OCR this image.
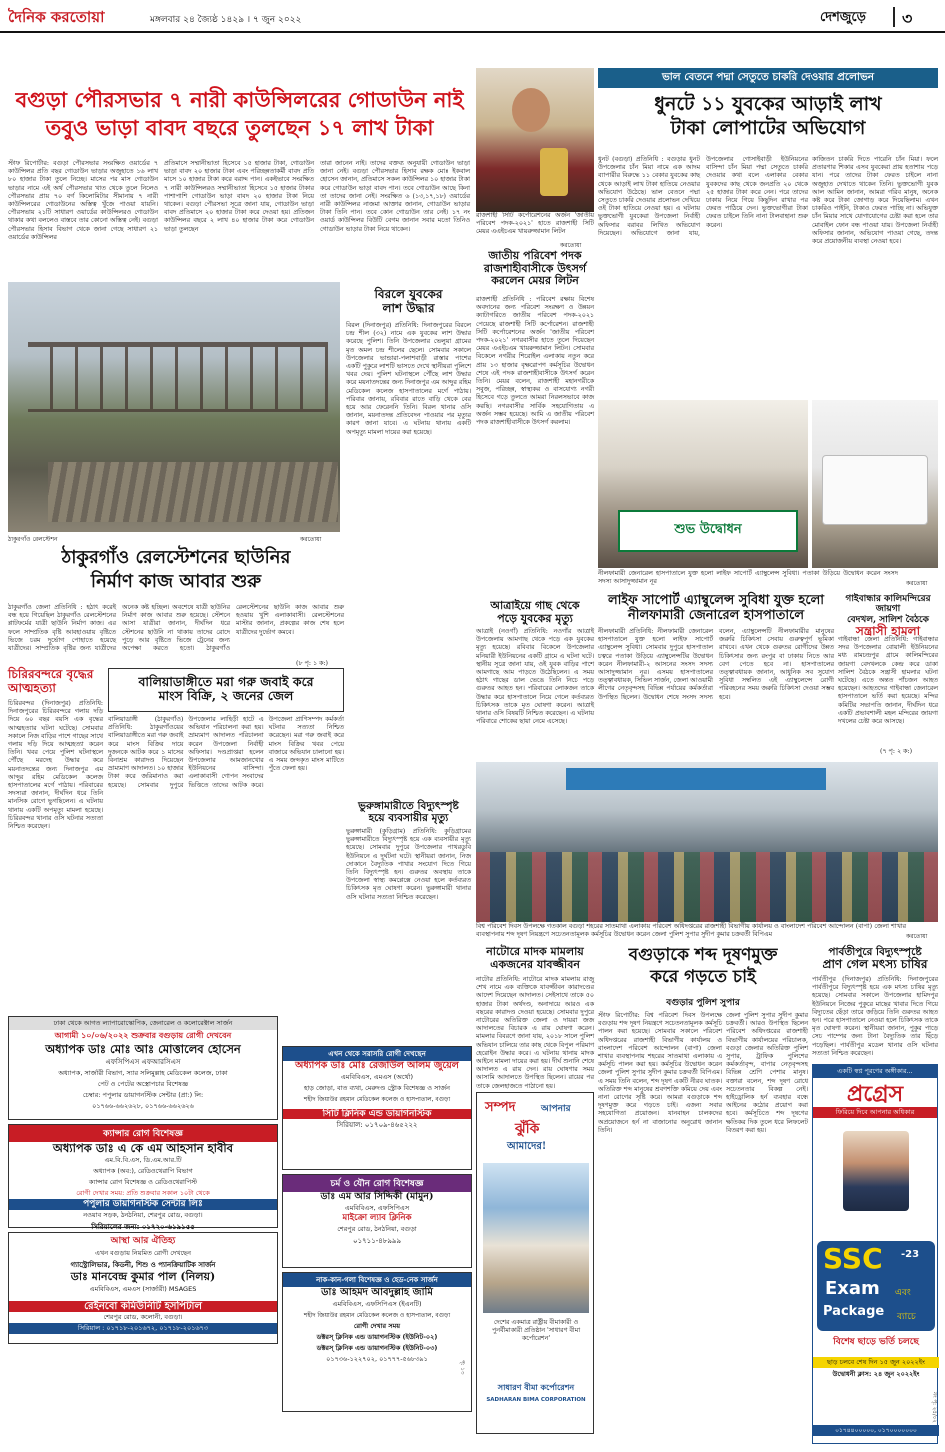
দৈনিক করতোয়া	মঙ্গলবার ২৪ জ্যৈষ্ঠ ১৪২৯ । ৭ জুন ২০২২	দেশজুড়ে ৩
বগুড়া পৌরসভার ৭ নারী কাউন্সিলরের গোডাউন নাই
তবুও ভাড়া বাবদ বছরে তুলছেন ১৭ লাখ টাকা
স্টাফ রিপোর্টার: বগুড়া পৌরসভার সংরক্ষিত ওয়ার্ডের ৭ কাউন্সিলর প্রতি বছর গোডাউন ভাড়ার অজুহাতে ১৬ লাখ ৮০ হাজার টাকা তুলে নিচ্ছে। মাসের পর মাস গোডাউন ভাড়ার নামে এই অর্থ পৌরসভার খাত থেকে তুলে নিলেও পৌরসভার প্রায় ৭০ বর্গ কিলোমিটার সীমানায় ৭ নারী কাউন্সিলরের গোডাউনের অস্তিত্ব খুঁজে পাওয়া যায়নি। পৌরসভায় ২১টি সাধারণ ওয়ার্ডের কাউন্সিলরও গোডাউন থাকার কথা বললেও বাস্তবে তার কোনো অস্তিত্ব নেই। বগুড়া পৌরসভার হিসাব বিভাগ থেকে জানা গেছে সাধারণ ২১ ওয়ার্ডের কাউন্সিলর
প্রতিমাসে সম্মানীভাতা হিসেবে ১৫ হাজার টাকা, গোডাউন ভাড়া বাবদ ২০ হাজার টাকা এবং পরিচ্ছন্নতাকর্মী বাবদ প্রতি মাসে ১০ হাজার টাকা করে বরাদ্দ পান। একইভাবে সংরক্ষিত ৭ নারী কাউন্সিলরও সম্মানীভাতা হিসেবে ১৫ হাজার টাকার পাশাপাশি গোডাউন ভাড়া বাবদ ২০ হাজার টাকা নিয়ে থাকেন। বগুড়া পৌরসভা সূত্রে জানা যায়, গোডাউন ভাড়া বাবদ প্রতিমাসে ২০ হাজার টাকা করে দেওয়া হয়। প্রতিজন কাউন্সিলর বছরে ২ লাখ ৪০ হাজার টাকা করে গোডাউন ভাড়া তুলছেন
তারা জানেন নাই। তাদের বক্তব্য অনুযায়ী গোডাউন ভাড়া জানা নেই। বগুড়া পৌরসভার হিসাব রক্ষক মোঃ ইকবাল হোসেন জানান, প্রতিমাসে সকল কাউন্সিলর ১০ হাজার টাকা করে গোডাউন ভাড়া বাবদ পান। তবে গোডাউন আছে কিনা তা তাদের জানা নেই। সংরক্ষিত ৬ (১৩,১৭,১৮) ওয়ার্ডের নারী কাউন্সিলর নাজমা আক্তার জানান, গোডাউন ভাড়ার টাকা তিনি পান। তবে কোন গোডাউন তার নেই। ১৭ নং ওয়ার্ড কাউন্সিলর বিউটি বেগম জানান সবার মতো তিনিও গোডাউন ভাড়ার টাকা নিয়ে থাকেন।
ঠাকুরগাঁও রেলস্টেশন	করতোয়া
বিরলে যুবকের
লাশ উদ্ধার
বিরল (দিনাজপুর) প্রতিনিধি: দিনাজপুরের বিরলে চন্দ্র শীল (৩২) নামে এক যুবকের লাশ উদ্ধার করেছে পুলিশ। তিনি উপজেলার ভেলুয়া গ্রামের মৃত অমল চন্দ্র শীলের ছেলে। সোমবার সকালে উপজেলার ভান্ডারা-পলাশবাড়ী রাস্তার পাশের একটি পুকুরে লাশটি ভাসতে দেখে স্থানীয়রা পুলিশে খবর দেয়। পুলিশ ঘটনাস্থলে পৌঁছে লাশ উদ্ধার করে ময়নাতদন্তের জন্য দিনাজপুর এম আব্দুর রহিম মেডিকেল কলেজ হাসপাতালের মর্গে পাঠায়। পরিবার জানায়, রবিবার রাতে বাড়ি থেকে বের হয়ে আর ফেরেননি তিনি। বিরল থানার ওসি জানান, ময়নাতদন্ত প্রতিবেদন পাওয়ার পর মৃত্যুর কারণ জানা যাবে। এ ঘটনায় থানায় একটি অপমৃত্যু মামলা দায়ের করা হয়েছে।
ঠাকুরগাঁও রেলস্টেশনের ছাউনির
নির্মাণ কাজ আবার শুরু
ঠাকুরগাঁও জেলা প্রতিনিধি : হঠাৎ করেই বন্ধ হয়ে গিয়েছিল ঠাকুরগাঁও রেলস্টেশনের প্লাটফর্মের যাত্রী ছাউনি নির্মাণ কাজ। এর ফলে সাম্প্রতিক বৃষ্টি আবহাওয়ায় বৃষ্টিতে ভিজে চরম দুর্ভোগ পোহাতে হয়েছে যাত্রীদের। সাম্প্রতিক বৃষ্টির জন্য যাত্রীদের অনেক কষ্ট হচ্ছিল। অবশেষে যাত্রী ছাউনির নির্মাণ কাজ আবার শুরু হয়েছে। স্টেশনে আসা যাত্রীরা জানান, দীর্ঘদিন ধরে স্টেশনের ছাউনি না থাকায় তাদের রোদে পুড়ে আর বৃষ্টিতে ভিজে ট্রেনের জন্য অপেক্ষা করতে হতো। ঠাকুরগাঁও রেলস্টেশনের ছাউনি কাজ আবার শুরু হওয়ায় খুশি এলাকাবাসী। রেলস্টেশনের মাস্টার জানান, প্রকল্পের কাজ শেষ হলে যাত্রীদের দুর্ভোগ কমবে।
(৮ পৃ: ১ ক:)
চিরিরবন্দরে বৃদ্ধের
আত্মহত্যা
চিরিরবন্দর (দিনাজপুর) প্রতিনিধি: দিনাজপুরের চিরিরবন্দরে গলায় দড়ি দিয়ে ৬০ বছর বয়সি এক বৃদ্ধের আত্মহত্যার ঘটনা ঘটেছে। সোমবার সকালে নিজ বাড়ির পাশে গাছের সাথে গলায় দড়ি দিয়ে আত্মহত্যা করেন তিনি। খবর পেয়ে পুলিশ ঘটনাস্থলে পৌঁছে মরদেহ উদ্ধার করে ময়নাতদন্তের জন্য দিনাজপুর এম আব্দুর রহিম মেডিকেল কলেজ হাসপাতালের মর্গে পাঠায়। পরিবারের সদস্যরা জানান, দীর্ঘদিন ধরে তিনি মানসিক রোগে ভুগছিলেন। এ ঘটনায় থানায় একটি অপমৃত্যু মামলা হয়েছে। চিরিরবন্দর থানার ওসি ঘটনার সত্যতা নিশ্চিত করেছেন।
বালিয়াডাঙ্গীতে মরা গরু জবাই করে
মাংস বিক্রি, ২ জনের জেল
বালিয়াডাঙ্গী (ঠাকুরগাঁও) প্রতিনিধি: ঠাকুরগাঁওয়ের বালিয়াডাঙ্গীতে মরা গরু জবাই করে মাংস বিক্রির দায়ে দুজনকে আটক করে ১ মাসের বিনাশ্রম কারাদণ্ড দিয়েছেন ভ্রাম্যমাণ আদালত। ১০ হাজার টাকা করে জরিমানাও করা হয়েছে। সোমবার দুপুরে উপজেলার লাহিড়ী হাটে এ অভিযান পরিচালনা করা হয়। ভ্রাম্যমাণ আদালত পরিচালনা করেন উপজেলা নির্বাহী অফিসার। দণ্ডপ্রাপ্তরা হলেন উপজেলার আমজানখোর ইউনিয়নের বাসিন্দা। এলাকাবাসী গোপন সংবাদের ভিত্তিতে তাদের আটক করে। উপজেলা প্রাণিসম্পদ কর্মকর্তা ঘটনার সত্যতা নিশ্চিত করেছেন। মরা গরু জবাই করে মাংস বিক্রির খবর পেয়ে বাজারে অভিযান চালানো হয়। এ সময় জব্দকৃত মাংস মাটিতে পুঁতে ফেলা হয়।
ভুরুঙ্গামারীতে বিদ্যুৎস্পৃষ্ট
হয়ে ব্যবসায়ীর মৃত্যু
ভুরুঙ্গামারী (কুড়িগ্রাম) প্রতিনিধি: কুড়িগ্রামের ভুরুঙ্গামারীতে বিদ্যুৎস্পৃষ্ট হয়ে এক ব্যবসায়ীর মৃত্যু হয়েছে। সোমবার দুপুরে উপজেলার পাথরডুবি ইউনিয়নে এ দুর্ঘটনা ঘটে। স্থানীয়রা জানান, নিজ দোকানে বৈদ্যুতিক পাখার সংযোগ দিতে গিয়ে তিনি বিদ্যুৎস্পৃষ্ট হন। গুরুতর অবস্থায় তাকে উপজেলা স্বাস্থ্য কমপ্লেক্সে নেওয়া হলে কর্তব্যরত চিকিৎসক মৃত ঘোষণা করেন। ভুরুঙ্গামারী থানার ওসি ঘটনার সত্যতা নিশ্চিত করেছেন।
রাজশাহী সিটি কর্পোরেশনের অর্জন 'জাতীয় পরিবেশ পদক-২০২১' হাতে রাজশাহী সিটি মেয়র এএইচএম খায়রুজ্জামান লিটন
করতোয়া
জাতীয় পরিবেশ পদক
রাজশাহীবাসীকে উৎসর্গ
করলেন মেয়র লিটন
রাজশাহী প্রতিনিধি : পরিবেশ রক্ষায় বিশেষ অবদানের জন্য পরিবেশ সংরক্ষণ ও উন্নয়ন ক্যাটাগরিতে জাতীয় পরিবেশ পদক-২০২১ পেয়েছে রাজশাহী সিটি কর্পোরেশন। রাজশাহী সিটি কর্পোরেশনের অর্জন 'জাতীয় পরিবেশ পদক-২০২১' নগরবাসীর হাতে তুলে দিয়েছেন মেয়র এএইচএম খায়রুজ্জামান লিটন। সোমবার বিকেলে নগরীর শিরোইল এলাকায় নতুন করে প্রায় ১৩ হাজার বৃক্ষরোপণ কর্মসূচির উদ্বোধন শেষে এই পদক রাজশাহীবাসীকে উৎসর্গ করেন তিনি। মেয়র বলেন, রাজশাহী মহানগরীকে সবুজ, পরিচ্ছন্ন, স্বাস্থ্যকর ও বাসযোগ্য নগরী হিসেবে গড়ে তুলতে আমরা নিরলসভাবে কাজ করছি। নগরবাসীর সার্বিক সহযোগিতায় এ অর্জন সম্ভব হয়েছে। আমি এ জাতীয় পরিবেশ পদক রাজশাহীবাসীকে উৎসর্গ করলাম।
আত্রাইয়ে গাছ থেকে
পড়ে যুবকের মৃত্যু
আত্রাই (নওগাঁ) প্রতিনিধি: নওগাঁর আত্রাই উপজেলায় আমগাছ থেকে পড়ে এক যুবকের মৃত্যু হয়েছে। রবিবার বিকেলে উপজেলার মনিয়ারী ইউনিয়নের একটি গ্রামে এ ঘটনা ঘটে। স্থানীয় সূত্রে জানা যায়, ওই যুবক বাড়ির পাশে আমগাছে আম পাড়তে উঠেছিলেন। এ সময় হঠাৎ গাছের ডাল ভেঙে তিনি নিচে পড়ে গুরুতর আহত হন। পরিবারের লোকজন তাকে উদ্ধার করে হাসপাতালে নিয়ে গেলে কর্তব্যরত চিকিৎসক তাকে মৃত ঘোষণা করেন। আত্রাই থানার ওসি বিষয়টি নিশ্চিত করেছেন। এ ঘটনায় পরিবারে শোকের ছায়া নেমে এসেছে।
ভাল বেতনে পদ্মা সেতুতে চাকরি দেওয়ার প্রলোভন
ধুনটে ১১ যুবকের আড়াই লাখ
টাকা লোপাটের অভিযোগ
ধুনট (বগুড়া) প্রতিনিধি : বগুড়ার ধুনট উপজেলার চাঁন মিয়া নামে এক আদম ব্যাপারীর বিরুদ্ধে ১১ বেকার যুবকের কাছ থেকে আড়াই লাখ টাকা হাতিয়ে নেওয়ার অভিযোগ উঠেছে। ভাল বেতনে পদ্মা সেতুতে চাকরি দেওয়ার প্রলোভন দেখিয়ে ওই টাকা হাতিয়ে নেওয়া হয়। এ ঘটনায় ভুক্তভোগী যুবকেরা উপজেলা নির্বাহী অফিসার বরাবর লিখিত অভিযোগ দিয়েছেন। অভিযোগে জানা যায়, উপজেলার গোসাইবাড়ী ইউনিয়নের বাসিন্দা চাঁন মিয়া পদ্মা সেতুতে চাকরি দেওয়ার কথা বলে এলাকার বেকার যুবকদের কাছ থেকে জনপ্রতি ২০ থেকে ২৫ হাজার টাকা করে নেন। পরে তাদের ঢাকায় নিয়ে গিয়ে কিছুদিন রাখার পর ফেরত পাঠিয়ে দেন। ভুক্তভোগীরা টাকা ফেরত চাইলে তিনি নানা টালবাহানা শুরু করেন।
কাজিতন চাকরি দিতে পারেনি চাঁন মিয়া। ফলে প্রতারণার শিকার এসব যুবকেরা প্রায় হতাশায় পড়ে যান। পরে তাদের টাকা ফেরত চাইলে নানা অজুহাত দেখাতে থাকেন তিনি। ভুক্তভোগী যুবক আল আমিন জানান, আমরা গরিব মানুষ, অনেক কষ্ট করে টাকা জোগাড় করে দিয়েছিলাম। এখন চাকরিও পাইনি, টাকাও ফেরত পাচ্ছি না। অভিযুক্ত চাঁন মিয়ার সাথে যোগাযোগের চেষ্টা করা হলে তার মোবাইল ফোন বন্ধ পাওয়া যায়। উপজেলা নির্বাহী অফিসার জানান, অভিযোগ পাওয়া গেছে, তদন্ত করে প্রয়োজনীয় ব্যবস্থা নেওয়া হবে।
শুভ উদ্বোধন
নীলফামারী জেনারেল হাসপাতালে যুক্ত হলো লাইফ সাপোর্ট এ্যাম্বুলেন্স সুবিধা। পতাকা উড়িয়ে উদ্বোধন করেন সংসদ সদস্য আসাদুজ্জামান নূর	করতোয়া
লাইফ সাপোর্ট এ্যাম্বুলেন্স সুবিধা যুক্ত হলো
নীলফামারী জেনারেল হাসপাতালে
নীলফামারী প্রতিনিধি: নীলফামারী জেনারেল হাসপাতালে যুক্ত হলো লাইফ সাপোর্ট এ্যাম্বুলেন্স সুবিধা। সোমবার দুপুরে হাসপাতাল চত্বরে পতাকা উড়িয়ে এ্যাম্বুলেন্সটির উদ্বোধন করেন নীলফামারী-২ আসনের সংসদ সদস্য আসাদুজ্জামান নূর। এসময় হাসপাতালের তত্ত্বাবধায়ক, সিভিল সার্জন, জেলা আওয়ামী লীগের নেতৃবৃন্দসহ বিভিন্ন পর্যায়ের কর্মকর্তারা উপস্থিত ছিলেন। উদ্বোধন শেষে সংসদ সদস্য বলেন, এ্যাম্বুলেন্সটি নীলফামারীর মানুষের জরুরি চিকিৎসা সেবায় গুরুত্বপূর্ণ ভূমিকা রাখবে। এখন থেকে গুরুতর রোগীদের উন্নত চিকিৎসার জন্য রংপুর বা ঢাকায় নিতে আর বেগ পেতে হবে না। হাসপাতালের তত্ত্বাবধায়ক জানান, আধুনিক সব সুযোগ সুবিধা সম্বলিত এই এ্যাম্বুলেন্সে রোগী পরিবহনের সময় জরুরি চিকিৎসা দেওয়া সম্ভব হবে।
গাইবান্ধার কালিমন্দিরের জায়গা
বেদখল, সালিশ বৈঠকে
সন্ত্রাসী হামলা
গাইবান্ধা জেলা প্রতিনিধি: গাইবান্ধার সদর উপজেলার বোয়ালী ইউনিয়নের মধ্য রামচন্দ্রপুর গ্রামে কালিমন্দিরের জায়গা বেদখলকে কেন্দ্র করে ডাকা সালিশ বৈঠকে সন্ত্রাসী হামলার ঘটনা ঘটেছে। এতে অন্তত পাঁচজন আহত হয়েছেন। আহতদের গাইবান্ধা জেনারেল হাসপাতালে ভর্তি করা হয়েছে। মন্দির কমিটির সভাপতি জানান, দীর্ঘদিন ধরে একটি প্রভাবশালী মহল মন্দিরের জায়গা দখলের চেষ্টা করে আসছে।
(৭ পৃ: ২ ক:)
বিশ্ব পরিবেশ দিবস উপলক্ষে গতকাল বগুড়া শহরের সাতমাথা এলাকায় পরিবেশ অধিদপ্তরের রাজশাহী বিভাগীয় কার্যালয় ও বাংলাদেশ পরিবেশ আন্দোলন (বাপা) জেলা শাখার ব্যবস্থাপনায় শব্দ দূষণ নিয়ন্ত্রণে সচেতনতামূলক কর্মসূচির উদ্বোধন করেন জেলা পুলিশ সুপার সুদীপ কুমার চক্রবর্তী বিপিএম	করতোয়া
নাটোরে মাদক মামলায়
একজনের যাবজ্জীবন
নাটোর প্রতিনিধি: নাটোরে মাদক মামলায় রাজু শেখ নামে এক ব্যক্তিকে যাবজ্জীবন কারাদণ্ডের আদেশ দিয়েছেন আদালত। সেইসাথে তাকে ৫০ হাজার টাকা অর্থদণ্ড, অনাদায়ে আরও এক বছরের কারাদণ্ড দেওয়া হয়েছে। সোমবার দুপুরে নাটোরের অতিরিক্ত জেলা ও দায়রা জজ আদালতের বিচারক এ রায় ঘোষণা করেন। মামলার বিবরণে জানা যায়, ২০১৮ সালে পুলিশ অভিযান চালিয়ে তার কাছ থেকে বিপুল পরিমাণ হেরোইন উদ্ধার করে। এ ঘটনায় থানায় মাদক আইনে মামলা দায়ের করা হয়। দীর্ঘ শুনানি শেষে আদালত এ রায় দেন। রায় ঘোষণার সময় আসামি আদালতে উপস্থিত ছিলেন। রায়ের পর তাকে জেলহাজতে পাঠানো হয়।
বগুড়াকে শব্দ দূষণমুক্ত
করে গড়তে চাই
বগুড়ার পুলিশ সুপার
স্টাফ রিপোর্টার: বিশ্ব পরিবেশ দিবস উপলক্ষে বগুড়ায় শব্দ দূষণ নিয়ন্ত্রণে সচেতনতামূলক কর্মসূচি পালন করা হয়েছে। সোমবার সকালে পরিবেশ অধিদপ্তরের রাজশাহী বিভাগীয় কার্যালয় ও বাংলাদেশ পরিবেশ আন্দোলন (বাপা) জেলা শাখার ব্যবস্থাপনায় শহরের সাতমাথা এলাকায় এ কর্মসূচি পালন করা হয়। কর্মসূচির উদ্বোধন করেন জেলা পুলিশ সুপার সুদীপ কুমার চক্রবর্তী বিপিএম। এ সময় তিনি বলেন, শব্দ দূষণ একটি নীরব ঘাতক। অতিরিক্ত শব্দ মানুষের শ্রবণশক্তি কমিয়ে দেয় এবং নানা রোগের সৃষ্টি করে। আমরা বগুড়াকে শব্দ দূষণমুক্ত করে গড়তে চাই। এজন্য সবার সহযোগিতা প্রয়োজন। যানবাহন চালকদের অপ্রয়োজনে হর্ন না বাজানোর অনুরোধ জানান তিনি।
জেলা পুলিশ সুপার সুদীপ কুমার চক্রবর্তী। আরও উপস্থিত ছিলেন পরিবেশ অধিদপ্তরের রাজশাহী বিভাগীয় কার্যালয়ের পরিচালক, বগুড়া জেলার অতিরিক্ত পুলিশ সুপার, ট্রাফিক পুলিশের কর্মকর্তাবৃন্দ, বাপার নেতৃবৃন্দসহ বিভিন্ন শ্রেণি পেশার মানুষ। বক্তারা বলেন, শব্দ দূষণ রোধে সচেতনতার বিকল্প নেই। হাইড্রোলিক হর্ন ব্যবহার বন্ধে আইনের কঠোর প্রয়োগ করা হবে। কর্মসূচিতে শব্দ দূষণের ক্ষতিকর দিক তুলে ধরে লিফলেট বিতরণ করা হয়।
পার্বতীপুরে বিদ্যুৎস্পৃষ্টে
প্রাণ গেল মৎস্য চাষির
পার্বতীপুর (দিনাজপুর) প্রতিনিধি: দিনাজপুরের পার্বতীপুরে বিদ্যুৎস্পৃষ্ট হয়ে এক মৎস্য চাষির মৃত্যু হয়েছে। সোমবার সকালে উপজেলার হামিদপুর ইউনিয়নে নিজের পুকুরে মাছের খাবার দিতে গিয়ে বিদ্যুতের ছেঁড়া তারে জড়িয়ে তিনি গুরুতর আহত হন। পরে হাসপাতালে নেওয়া হলে চিকিৎসক তাকে মৃত ঘোষণা করেন। স্থানীয়রা জানান, পুকুর পাড়ে সেচ পাম্পের জন্য টানা বৈদ্যুতিক তার ছিঁড়ে পড়েছিল। পার্বতীপুর মডেল থানার ওসি ঘটনার সত্যতা নিশ্চিত করেছেন।
ঢাকা থেকে আগত ল্যাপারোস্কোপিক, জেনারেল ও কলোরেক্টাল সার্জন
আগামী ১০/০৬/২০২২ শুক্রবার বগুড়ায় রোগী দেখবেন
অধ্যাপক ডাঃ মোঃ আঃ মোত্তালেব হোসেন
এফসিপিএস এফআরসিএস
অধ্যাপক, সার্জারী বিভাগ, স্যার সলিমুল্লাহ মেডিকেল কলেজ, ঢাকা
পেট ও পেটের অস্ত্রোপচার বিশেষজ্ঞ
চেম্বার: পপুলার ডায়াগনস্টিক সেন্টার (প্রা:) লি:
০১৭৬৬-৬৬২৬২৮, ০১৭৬৬-৬৬২৬২৬
ক্যান্সার রোগ বিশেষজ্ঞ
অধ্যাপক ডাঃ এ কে এম আহসান হাবীব
এম.বি.বি.এস, ডি.এম.আর.টি
অধ্যাপক (অব:), রেডিওথেরাপি বিভাগ
ক্যান্সার রোগ বিশেষজ্ঞ ও রেডিওথেরাপিস্ট
রোগী দেখার সময়: প্রতি শুক্রবার সকাল ১০টা থেকে
পপুলার ডায়াগনস্টিক সেন্টার লিঃ
নওয়াব সড়ক, ঠনঠনিয়া, শেরপুর রোড, বগুড়া।
সিরিয়ালের জন্য: ০১৭২০-৬১৯১৫৫
আস্থা আর ঐতিহ্য
এখন বগুড়ায় নিয়মিত রোগী দেখছেন
গ্যাস্ট্রোলিভার, কিডনী, শিশু ও প্যানক্রিয়াটিক সার্জন
ডাঃ মানবেন্দ্র কুমার পাল (নিলয়)
এমবিবিএস, এমএস (সার্জারী) MSAGES
রেইনবো কমিউনিটি হসপিটাল
শেরপুর রোড, কলোনী, বগুড়া।
সিরিয়াল : ০১৭১৮-২০১৬৭২, ০১৭১৮-২০১৬৭৩
এখন থেকে সরাসরি রোগী দেখছেন
অধ্যাপক ডাঃ মোঃ রেজাউল আলম জুয়েল
এমবিবিএস, এমএস (অর্থো)
হাড় জোড়া, বাত ব্যথা, মেরুদণ্ড স্ট্রোক বিশেষজ্ঞ ও সার্জন
শহীদ জিয়াউর রহমান মেডিকেল কলেজ ও হাসপাতাল, বগুড়া
সিটি ক্লিনিক এন্ড ডায়াগনস্টিক
সিরিয়াল: ০১৭০৯-৪৬৫২২২
চর্ম ও যৌন রোগ বিশেষজ্ঞ
ডাঃ এম আর সিদ্দিকী (মামুন)
এমবিবিএস, এফসিপিএস
মাইক্রো ল্যাব ক্লিনিক
শেরপুর রোড, ঠনঠনিয়া, বগুড়া
০১৭১১-৪৮৯৯৯
নাক-কান-গলা বিশেষজ্ঞ ও হেড-নেক সার্জন
ডাঃ আহমদ আবদুল্লাহ জামি
এমবিবিএস, এফসিপিএস (ইএনটি)
শহীদ জিয়াউর রহমান মেডিকেল কলেজ ও হাসপাতাল, বগুড়া
রোগী দেখার সময়
ডক্টরস্ ক্লিনিক এন্ড ডায়াগনস্টিক (ইউনিট-০২)
ডক্টরস্ ক্লিনিক এন্ড ডায়াগনস্টিক (ইউনিট-০৩)
০১৭৩৬-১২২৭০২, ০১৭৭৭-৫৬৮৩৯১
সম্পদ	আপনার
ঝুঁকি
আমাদের!
দেশের একমাত্র রাষ্ট্রীয় বীমাকারী ও পুনর্বীমাকারী প্রতিষ্ঠান 'সাধারণ বীমা কর্পোরেশন'
সাধারণ বীমা কর্পোরেশন
SADHARAN BIMA CORPORATION
একটি স্বপ্ন পূরণের অঙ্গীকার...
প্রগ্রেস
ফিরিয়ে দিবে আপনার অধিকার
SSC -23
Exam এবং
Package ব্যাচে
বিশেষ ছাড়ে ভর্তি চলছে
ছাড় চলবে শেষ দিন ১৫ জুন ২০২২ইং
উদ্বোধনী ক্লাস: ২৪ জুন ২০২২ইং
০১৭৪৪০০০০০, ০১৭০০০০০০০
পৃ: ১৩
নং পৃ: ২৫/০২
